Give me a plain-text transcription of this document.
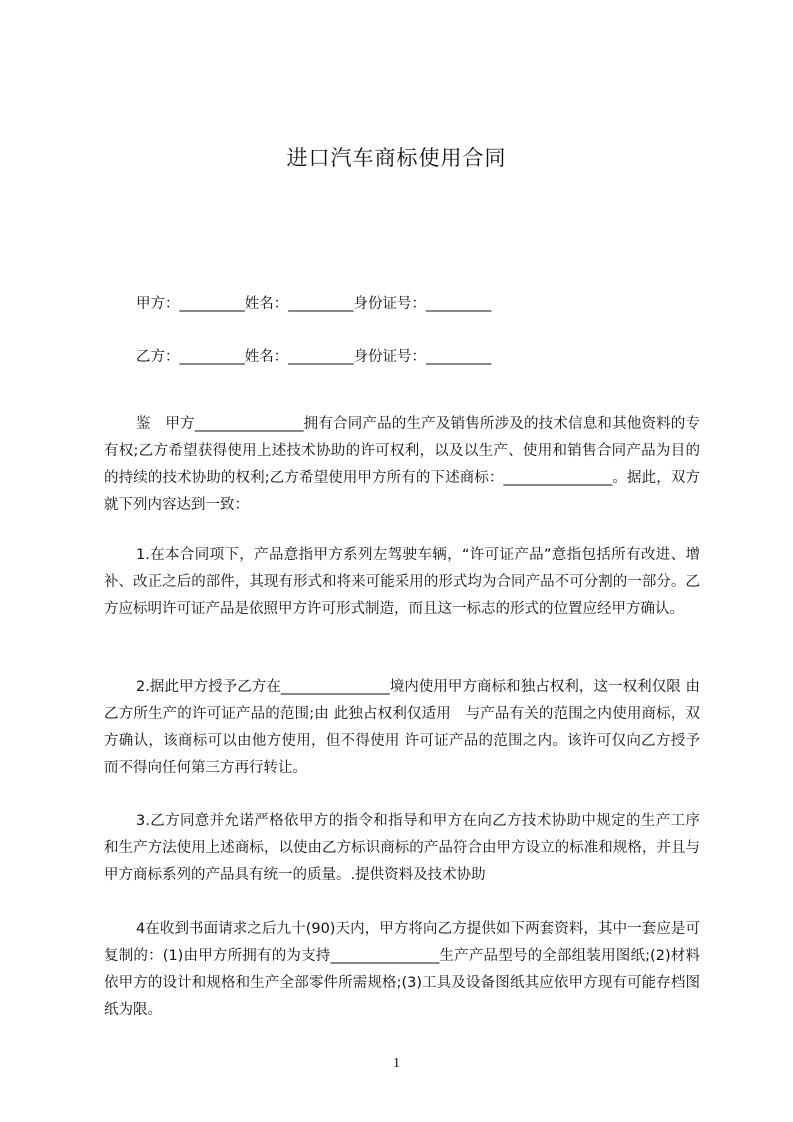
进口汽车商标使用合同
甲方：_________姓名：_________身份证号：_________
乙方：_________姓名：_________身份证号：_________

鉴　甲方_______________拥有合同产品的生产及销售所涉及的技术信息和其他资料的专有权;乙方希望获得使用上述技术协助的许可权利，以及以生产、使用和销售合同产品为目的的持续的技术协助的权利;乙方希望使用甲方所有的下述商标：_______________。据此，双方就下列内容达到一致：

1.在本合同项下，产品意指甲方系列左驾驶车辆，“许可证产品”意指包括所有改进、增补、改正之后的部件，其现有形式和将来可能采用的形式均为合同产品不可分割的一部分。乙方应标明许可证产品是依照甲方许可形式制造，而且这一标志的形式的位置应经甲方确认。

2.据此甲方授予乙方在_______________境内使用甲方商标和独占权利，这一权利仅限 由乙方所生产的许可证产品的范围;由 此独占权利仅适用　与产品有关的范围之内使用商标，双方确认，该商标可以由他方使用，但不得使用 许可证产品的范围之内。该许可仅向乙方授予而不得向任何第三方再行转让。

3.乙方同意并允诺严格依甲方的指令和指导和甲方在向乙方技术协助中规定的生产工序和生产方法使用上述商标，以使由乙方标识商标的产品符合由甲方设立的标准和规格，并且与甲方商标系列的产品具有统一的质量。.提供资料及技术协助

4在收到书面请求之后九十(90)天内，甲方将向乙方提供如下两套资料，其中一套应是可复制的：(1)由甲方所拥有的为支持_______________生产产品型号的全部组装用图纸;(2)材料依甲方的设计和规格和生产全部零件所需规格;(3)工具及设备图纸其应依甲方现有可能存档图纸为限。

1
